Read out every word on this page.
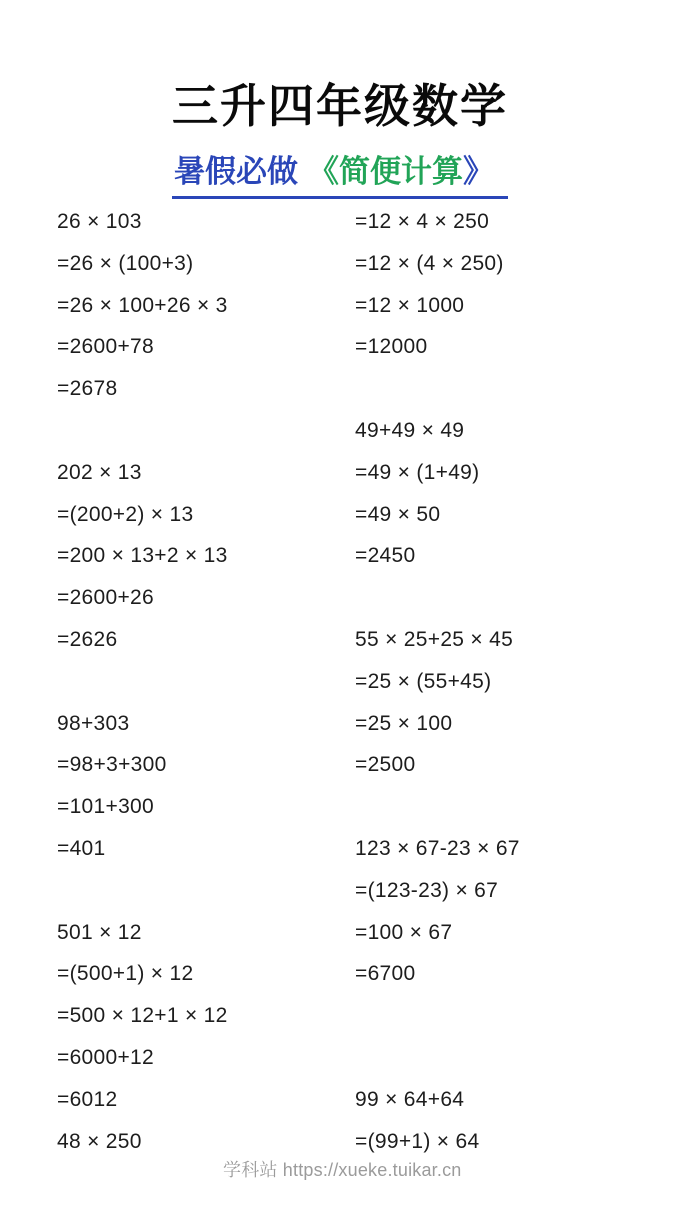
三升四年级数学
暑假必做 《简便计算》
26 × 103
=26 × (100+3)
=26 × 100+26 × 3
=2600+78
=2678

202 × 13
=(200+2) × 13
=200 × 13+2 × 13
=2600+26
=2626

98+303
=98+3+300
=101+300
=401

501 × 12
=(500+1) × 12
=500 × 12+1 × 12
=6000+12
=6012
48 × 250
=12 × 4 × 250
=12 × (4 × 250)
=12 × 1000
=12000

49+49 × 49
=49 × (1+49)
=49 × 50
=2450

55 × 25+25 × 45
=25 × (55+45)
=25 × 100
=2500

123 × 67-23 × 67
=(123-23) × 67
=100 × 67
=6700

99 × 64+64
=(99+1) × 64
学科站 https://xueke.tuikar.cn
